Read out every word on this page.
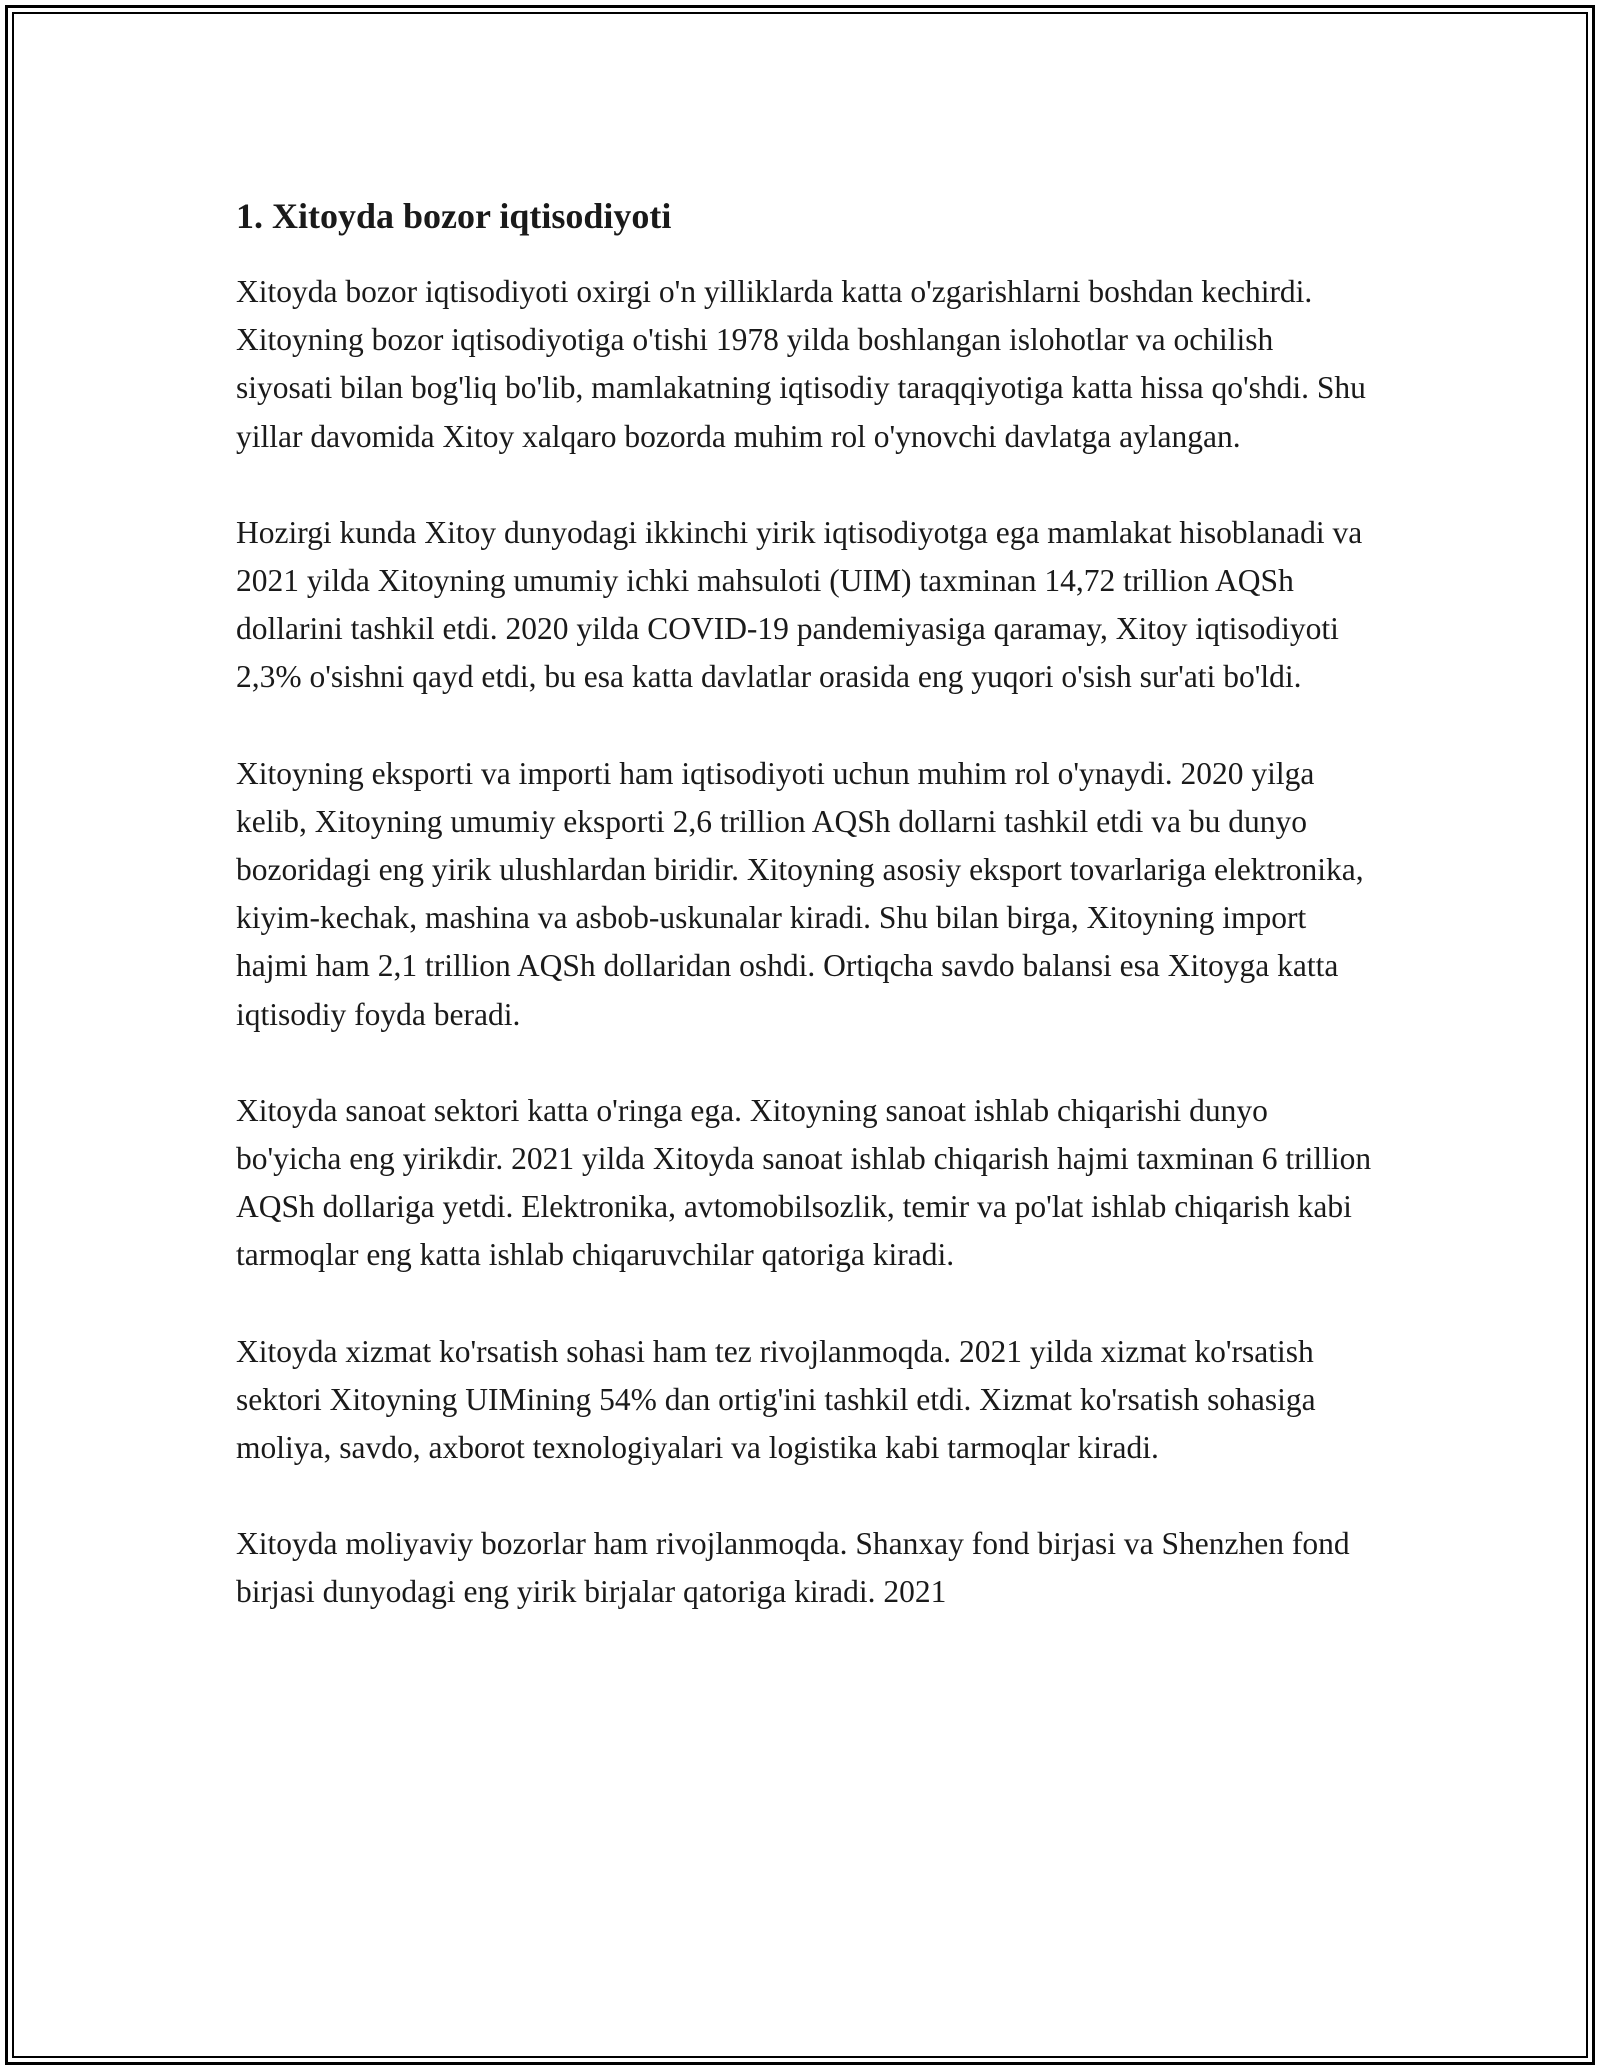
1. Xitoyda bozor iqtisodiyoti

Xitoyda bozor iqtisodiyoti oxirgi o'n yilliklarda katta o'zgarishlarni boshdan kechirdi. Xitoyning bozor iqtisodiyotiga o'tishi 1978 yilda boshlangan islohotlar va ochilish siyosati bilan bog'liq bo'lib, mamlakatning iqtisodiy taraqqiyotiga katta hissa qo'shdi. Shu yillar davomida Xitoy xalqaro bozorda muhim rol o'ynovchi davlatga aylangan.

Hozirgi kunda Xitoy dunyodagi ikkinchi yirik iqtisodiyotga ega mamlakat hisoblanadi va 2021 yilda Xitoyning umumiy ichki mahsuloti (UIM) taxminan 14,72 trillion AQSh dollarini tashkil etdi. 2020 yilda COVID-19 pandemiyasiga qaramay, Xitoy iqtisodiyoti 2,3% o'sishni qayd etdi, bu esa katta davlatlar orasida eng yuqori o'sish sur'ati bo'ldi.

Xitoyning eksporti va importi ham iqtisodiyoti uchun muhim rol o'ynaydi. 2020 yilga kelib, Xitoyning umumiy eksporti 2,6 trillion AQSh dollarni tashkil etdi va bu dunyo bozoridagi eng yirik ulushlardan biridir. Xitoyning asosiy eksport tovarlariga elektronika, kiyim-kechak, mashina va asbob-uskunalar kiradi. Shu bilan birga, Xitoyning import hajmi ham 2,1 trillion AQSh dollaridan oshdi. Ortiqcha savdo balansi esa Xitoyga katta iqtisodiy foyda beradi.

Xitoyda sanoat sektori katta o'ringa ega. Xitoyning sanoat ishlab chiqarishi dunyo bo'yicha eng yirikdir. 2021 yilda Xitoyda sanoat ishlab chiqarish hajmi taxminan 6 trillion AQSh dollariga yetdi. Elektronika, avtomobilsozlik, temir va po'lat ishlab chiqarish kabi tarmoqlar eng katta ishlab chiqaruvchilar qatoriga kiradi.

Xitoyda xizmat ko'rsatish sohasi ham tez rivojlanmoqda. 2021 yilda xizmat ko'rsatish sektori Xitoyning UIMining 54% dan ortig'ini tashkil etdi. Xizmat ko'rsatish sohasiga moliya, savdo, axborot texnologiyalari va logistika kabi tarmoqlar kiradi.

Xitoyda moliyaviy bozorlar ham rivojlanmoqda. Shanxay fond birjasi va Shenzhen fond birjasi dunyodagi eng yirik birjalar qatoriga kiradi. 2021
